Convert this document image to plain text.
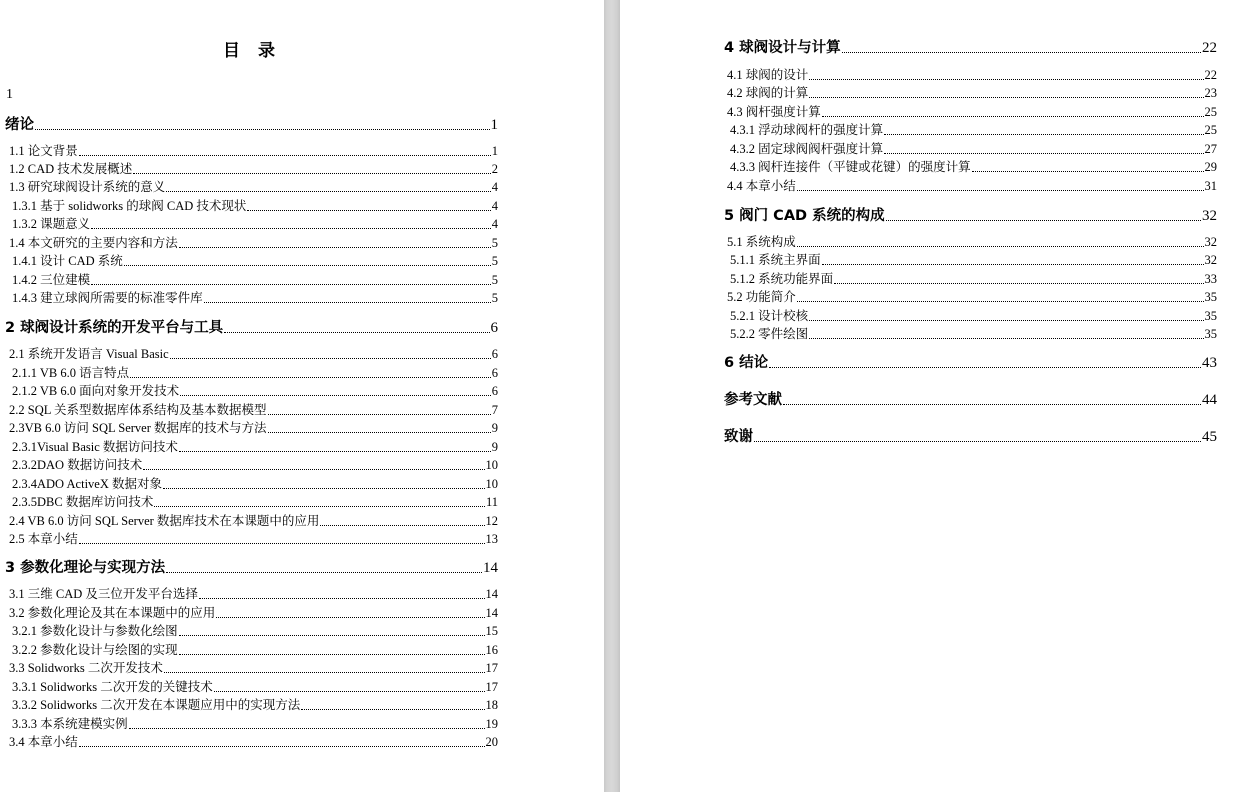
目 录
1
绪论	1
1.1 论文背景	1
1.2 CAD 技术发展概述	2
1.3 研究球阀设计系统的意义	4
1.3.1 基于 solidworks 的球阀 CAD 技术现状	4
1.3.2 课题意义	4
1.4 本文研究的主要内容和方法	5
1.4.1 设计 CAD 系统	5
1.4.2 三位建模	5
1.4.3 建立球阀所需要的标准零件库	5
2 球阀设计系统的开发平台与工具	6
2.1 系统开发语言 Visual Basic	6
2.1.1 VB 6.0 语言特点	6
2.1.2 VB 6.0 面向对象开发技术	6
2.2 SQL 关系型数据库体系结构及基本数据模型	7
2.3VB 6.0 访问 SQL Server 数据库的技术与方法	9
2.3.1Visual Basic 数据访问技术	9
2.3.2DAO 数据访问技术	10
2.3.4ADO ActiveX 数据对象	10
2.3.5DBC 数据库访问技术	11
2.4 VB 6.0 访问 SQL Server 数据库技术在本课题中的应用	12
2.5 本章小结	13
3 参数化理论与实现方法	14
3.1 三维 CAD 及三位开发平台选择	14
3.2 参数化理论及其在本课题中的应用	14
3.2.1 参数化设计与参数化绘图	15
3.2.2 参数化设计与绘图的实现	16
3.3 Solidworks 二次开发技术	17
3.3.1 Solidworks 二次开发的关键技术	17
3.3.2 Solidworks 二次开发在本课题应用中的实现方法	18
3.3.3 本系统建模实例	19
3.4 本章小结	20
4 球阀设计与计算	22
4.1 球阀的设计	22
4.2 球阀的计算	23
4.3 阀杆强度计算	25
4.3.1 浮动球阀杆的强度计算	25
4.3.2 固定球阀阀杆强度计算	27
4.3.3 阀杆连接件（平键或花键）的强度计算	29
4.4 本章小结	31
5 阀门 CAD 系统的构成	32
5.1 系统构成	32
5.1.1 系统主界面	32
5.1.2 系统功能界面	33
5.2 功能简介	35
5.2.1 设计校核	35
5.2.2 零件绘图	35
6 结论	43
参考文献	44
致谢	45
